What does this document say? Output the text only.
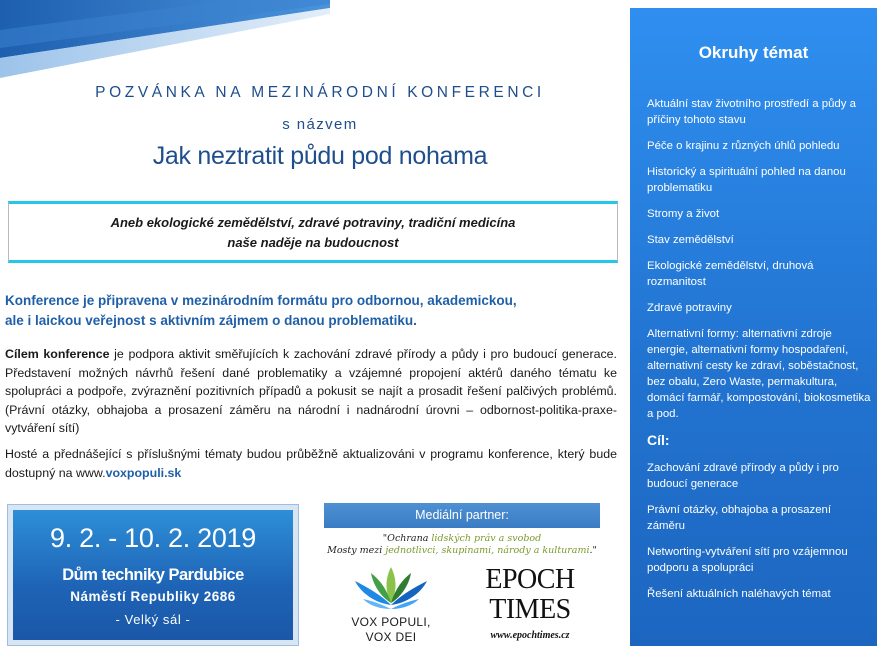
POZVÁNKA NA MEZINÁRODNÍ KONFERENCI
s názvem
Jak neztratit půdu pod nohama
Aneb ekologické zemědělství, zdravé potraviny, tradiční medicína
naše naděje na budoucnost
Konference je připravena v mezinárodním formátu pro odbornou, akademickou,
ale i laickou veřejnost s aktivním zájmem o danou problematiku.
Cílem konference je podpora aktivit směřujících k zachování zdravé přírody a půdy i pro budoucí generace. Představení možných návrhů řešení dané problematiky a vzájemné propojení aktérů daného tématu ke spolupráci a podpoře, zvýraznění pozitivních případů a pokusit se najít a prosadit řešení palčivých problémů. (Právní otázky, obhajoba a prosazení záměru na národní i nadnárodní úrovni – odbornost-politika-praxe-vytváření sítí)
Hosté a přednášející s příslušnými tématy budou průběžně aktualizováni v programu konference, který bude dostupný na www.voxpopuli.sk
9. 2. - 10. 2. 2019
Dům techniky Pardubice
Náměstí Republiky 2686
- Velký sál -
Mediální partner:
"Ochrana lidských práv a svobod
Mosty mezi jednotlivci, skupinami, národy a kulturami."
VOX POPULI,
VOX DEI
EPOCH
TIMES
www.epochtimes.cz
Okruhy témat
Aktuální stav životního prostředí a půdy a příčiny tohoto stavu
Péče o krajinu z různých úhlů pohledu
Historický a spirituální pohled na danou problematiku
Stromy a život
Stav zemědělství
Ekologické zemědělství, druhová rozmanitost
Zdravé potraviny
Alternativní formy: alternativní zdroje energie, alternativní formy hospodaření, alternativní cesty ke zdraví, soběstačnost, bez obalu, Zero Waste, permakultura, domácí farmář, kompostování, biokosmetika a pod.
Cíl:
Zachování zdravé přírody a půdy i pro budoucí generace
Právní otázky, obhajoba a prosazení záměru
Networting-vytváření sítí pro vzájemnou podporu a spolupráci
Řešení aktuálních naléhavých témat
